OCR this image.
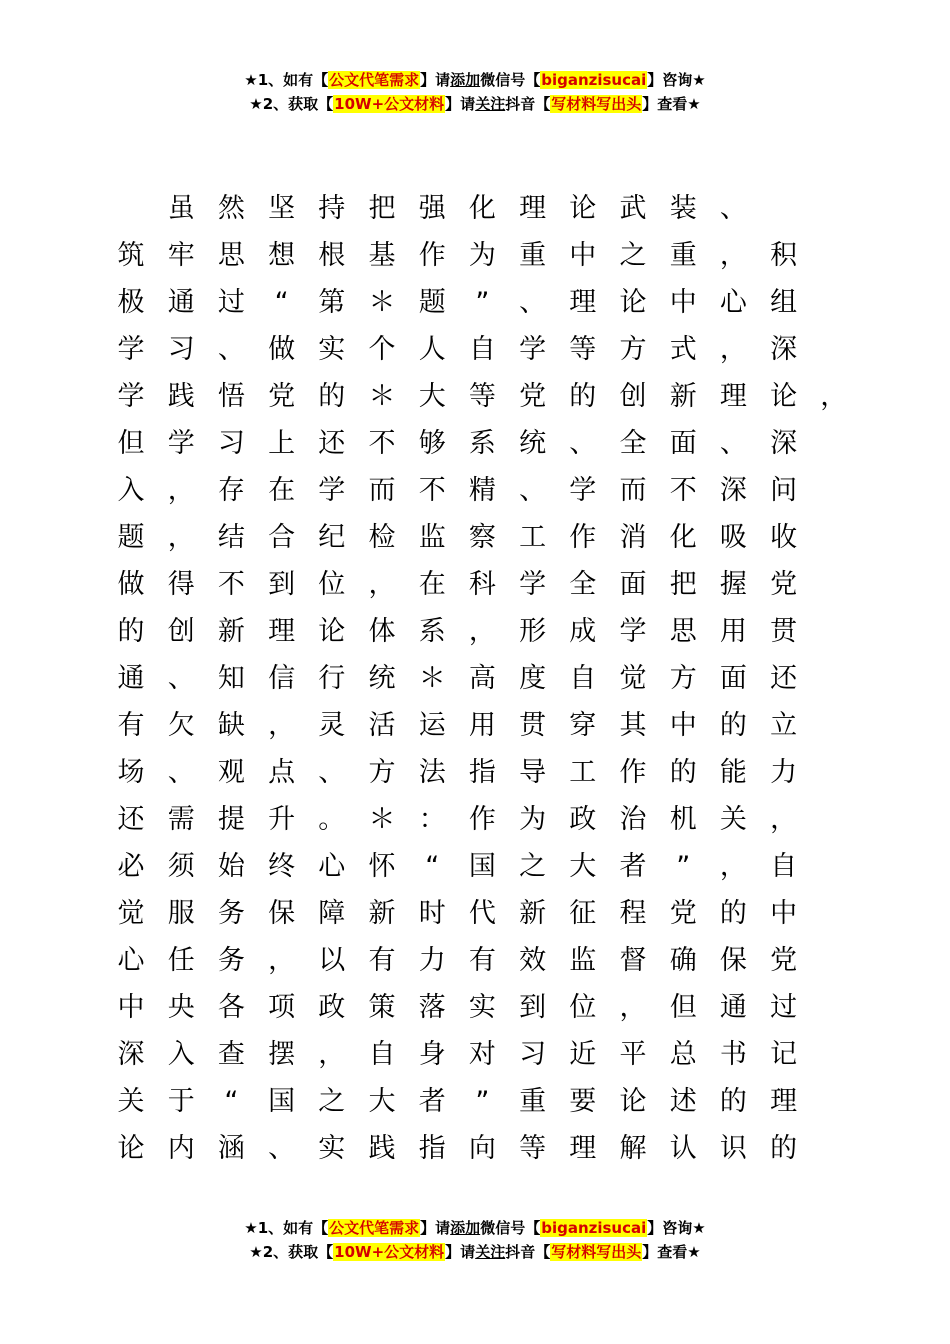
★1、如有【公文代笔需求】请添加微信号【biganzisucai】咨询★
★2、获取【10W+公文材料】请关注抖音【写材料写出头】查看★

虽 然 坚 持 把 强 化 理 论 武 装 、
筑 牢 思 想 根 基 作 为 重 中 之 重 ， 积
极 通 过	“	第 ＊ 题	”	、 理 论 中 心 组
学 习 、 做 实 个 人 自 学 等 方 式 ， 深
学 践 悟 党 的 ＊ 大 等 党 的 创 新 理 论 ，
但 学 习 上 还 不 够 系 统 、 全 面 、 深
入 ， 存 在 学 而 不 精 、 学 而 不 深 问
题 ， 结 合 纪 检 监 察 工 作 消 化 吸 收
做 得 不 到 位 ， 在 科 学 全 面 把 握 党
的 创 新 理 论 体 系 ， 形 成 学 思 用 贯
通 、 知 信 行 统 ＊ 高 度 自 觉 方 面 还
有 欠 缺 ， 灵 活 运 用 贯 穿 其 中 的 立
场 、 观 点 、 方 法 指 导 工 作 的 能 力
还 需 提 升 。 ＊ ： 作 为 政 治 机 关 ，
必 须 始 终 心 怀	“	国 之 大 者	”	， 自
觉 服 务 保 障 新 时 代 新 征 程 党 的 中
心 任 务 ， 以 有 力 有 效 监 督 确 保 党
中 央 各 项 政 策 落 实 到 位 ， 但 通 过
深 入 查 摆 ， 自 身 对 习 近 平 总 书 记
关 于	“	国 之 大 者	”	重 要 论 述 的 理
论 内 涵 、 实 践 指 向 等 理 解 认 识 的
★1、如有【公文代笔需求】请添加微信号【biganzisucai】咨询★
★2、获取【10W+公文材料】请关注抖音【写材料写出头】查看★
